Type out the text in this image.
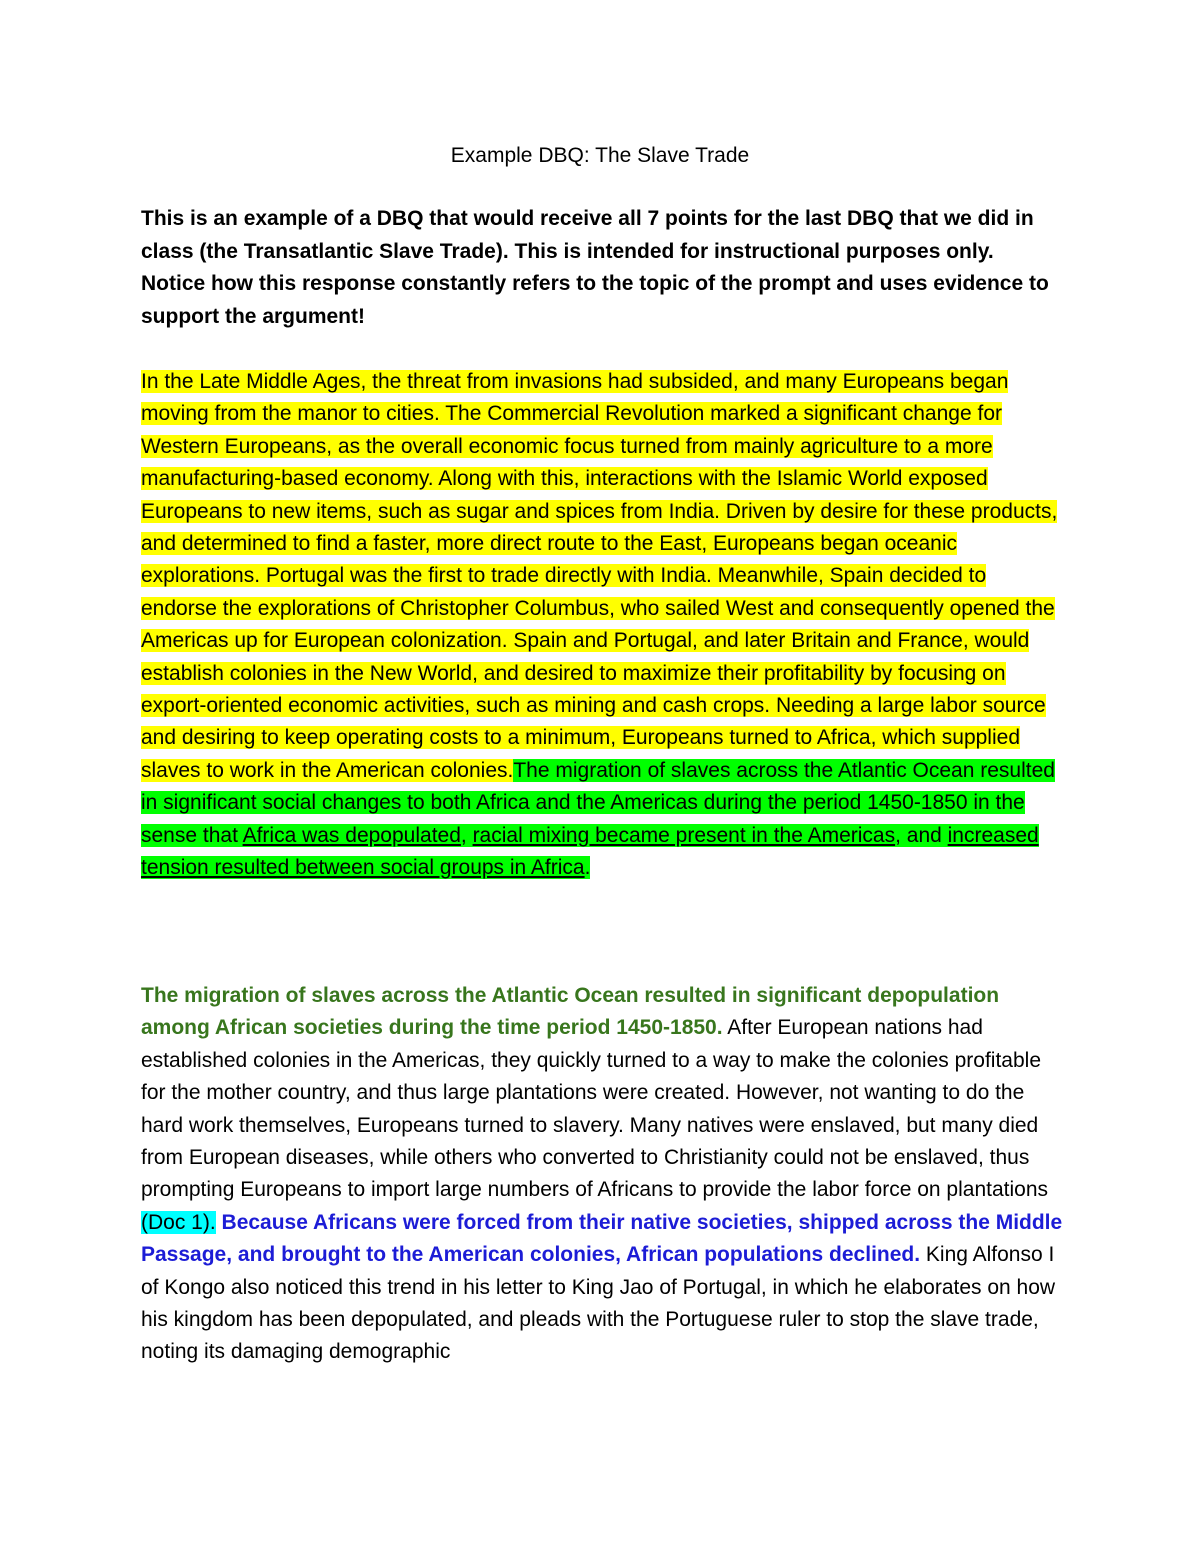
Example DBQ: The Slave Trade

This is an example of a DBQ that would receive all 7 points for the last DBQ that we did in class (the Transatlantic Slave Trade). This is intended for instructional purposes only. Notice how this response constantly refers to the topic of the prompt and uses evidence to support the argument!

In the Late Middle Ages, the threat from invasions had subsided, and many Europeans began moving from the manor to cities. The Commercial Revolution marked a significant change for Western Europeans, as the overall economic focus turned from mainly agriculture to a more manufacturing-based economy. Along with this, interactions with the Islamic World exposed Europeans to new items, such as sugar and spices from India. Driven by desire for these products, and determined to find a faster, more direct route to the East, Europeans began oceanic explorations. Portugal was the first to trade directly with India. Meanwhile, Spain decided to endorse the explorations of Christopher Columbus, who sailed West and consequently opened the Americas up for European colonization. Spain and Portugal, and later Britain and France, would establish colonies in the New World, and desired to maximize their profitability by focusing on export-oriented economic activities, such as mining and cash crops. Needing a large labor source and desiring to keep operating costs to a minimum, Europeans turned to Africa, which supplied slaves to work in the American colonies.The migration of slaves across the Atlantic Ocean resulted in significant social changes to both Africa and the Americas during the period 1450-1850 in the sense that Africa was depopulated, racial mixing became present in the Americas, and increased tension resulted between social groups in Africa.

The migration of slaves across the Atlantic Ocean resulted in significant depopulation among African societies during the time period 1450-1850. After European nations had established colonies in the Americas, they quickly turned to a way to make the colonies profitable for the mother country, and thus large plantations were created. However, not wanting to do the hard work themselves, Europeans turned to slavery. Many natives were enslaved, but many died from European diseases, while others who converted to Christianity could not be enslaved, thus prompting Europeans to import large numbers of Africans to provide the labor force on plantations (Doc 1). Because Africans were forced from their native societies, shipped across the Middle Passage, and brought to the American colonies, African populations declined. King Alfonso I of Kongo also noticed this trend in his letter to King Jao of Portugal, in which he elaborates on how his kingdom has been depopulated, and pleads with the Portuguese ruler to stop the slave trade, noting its damaging demographic
